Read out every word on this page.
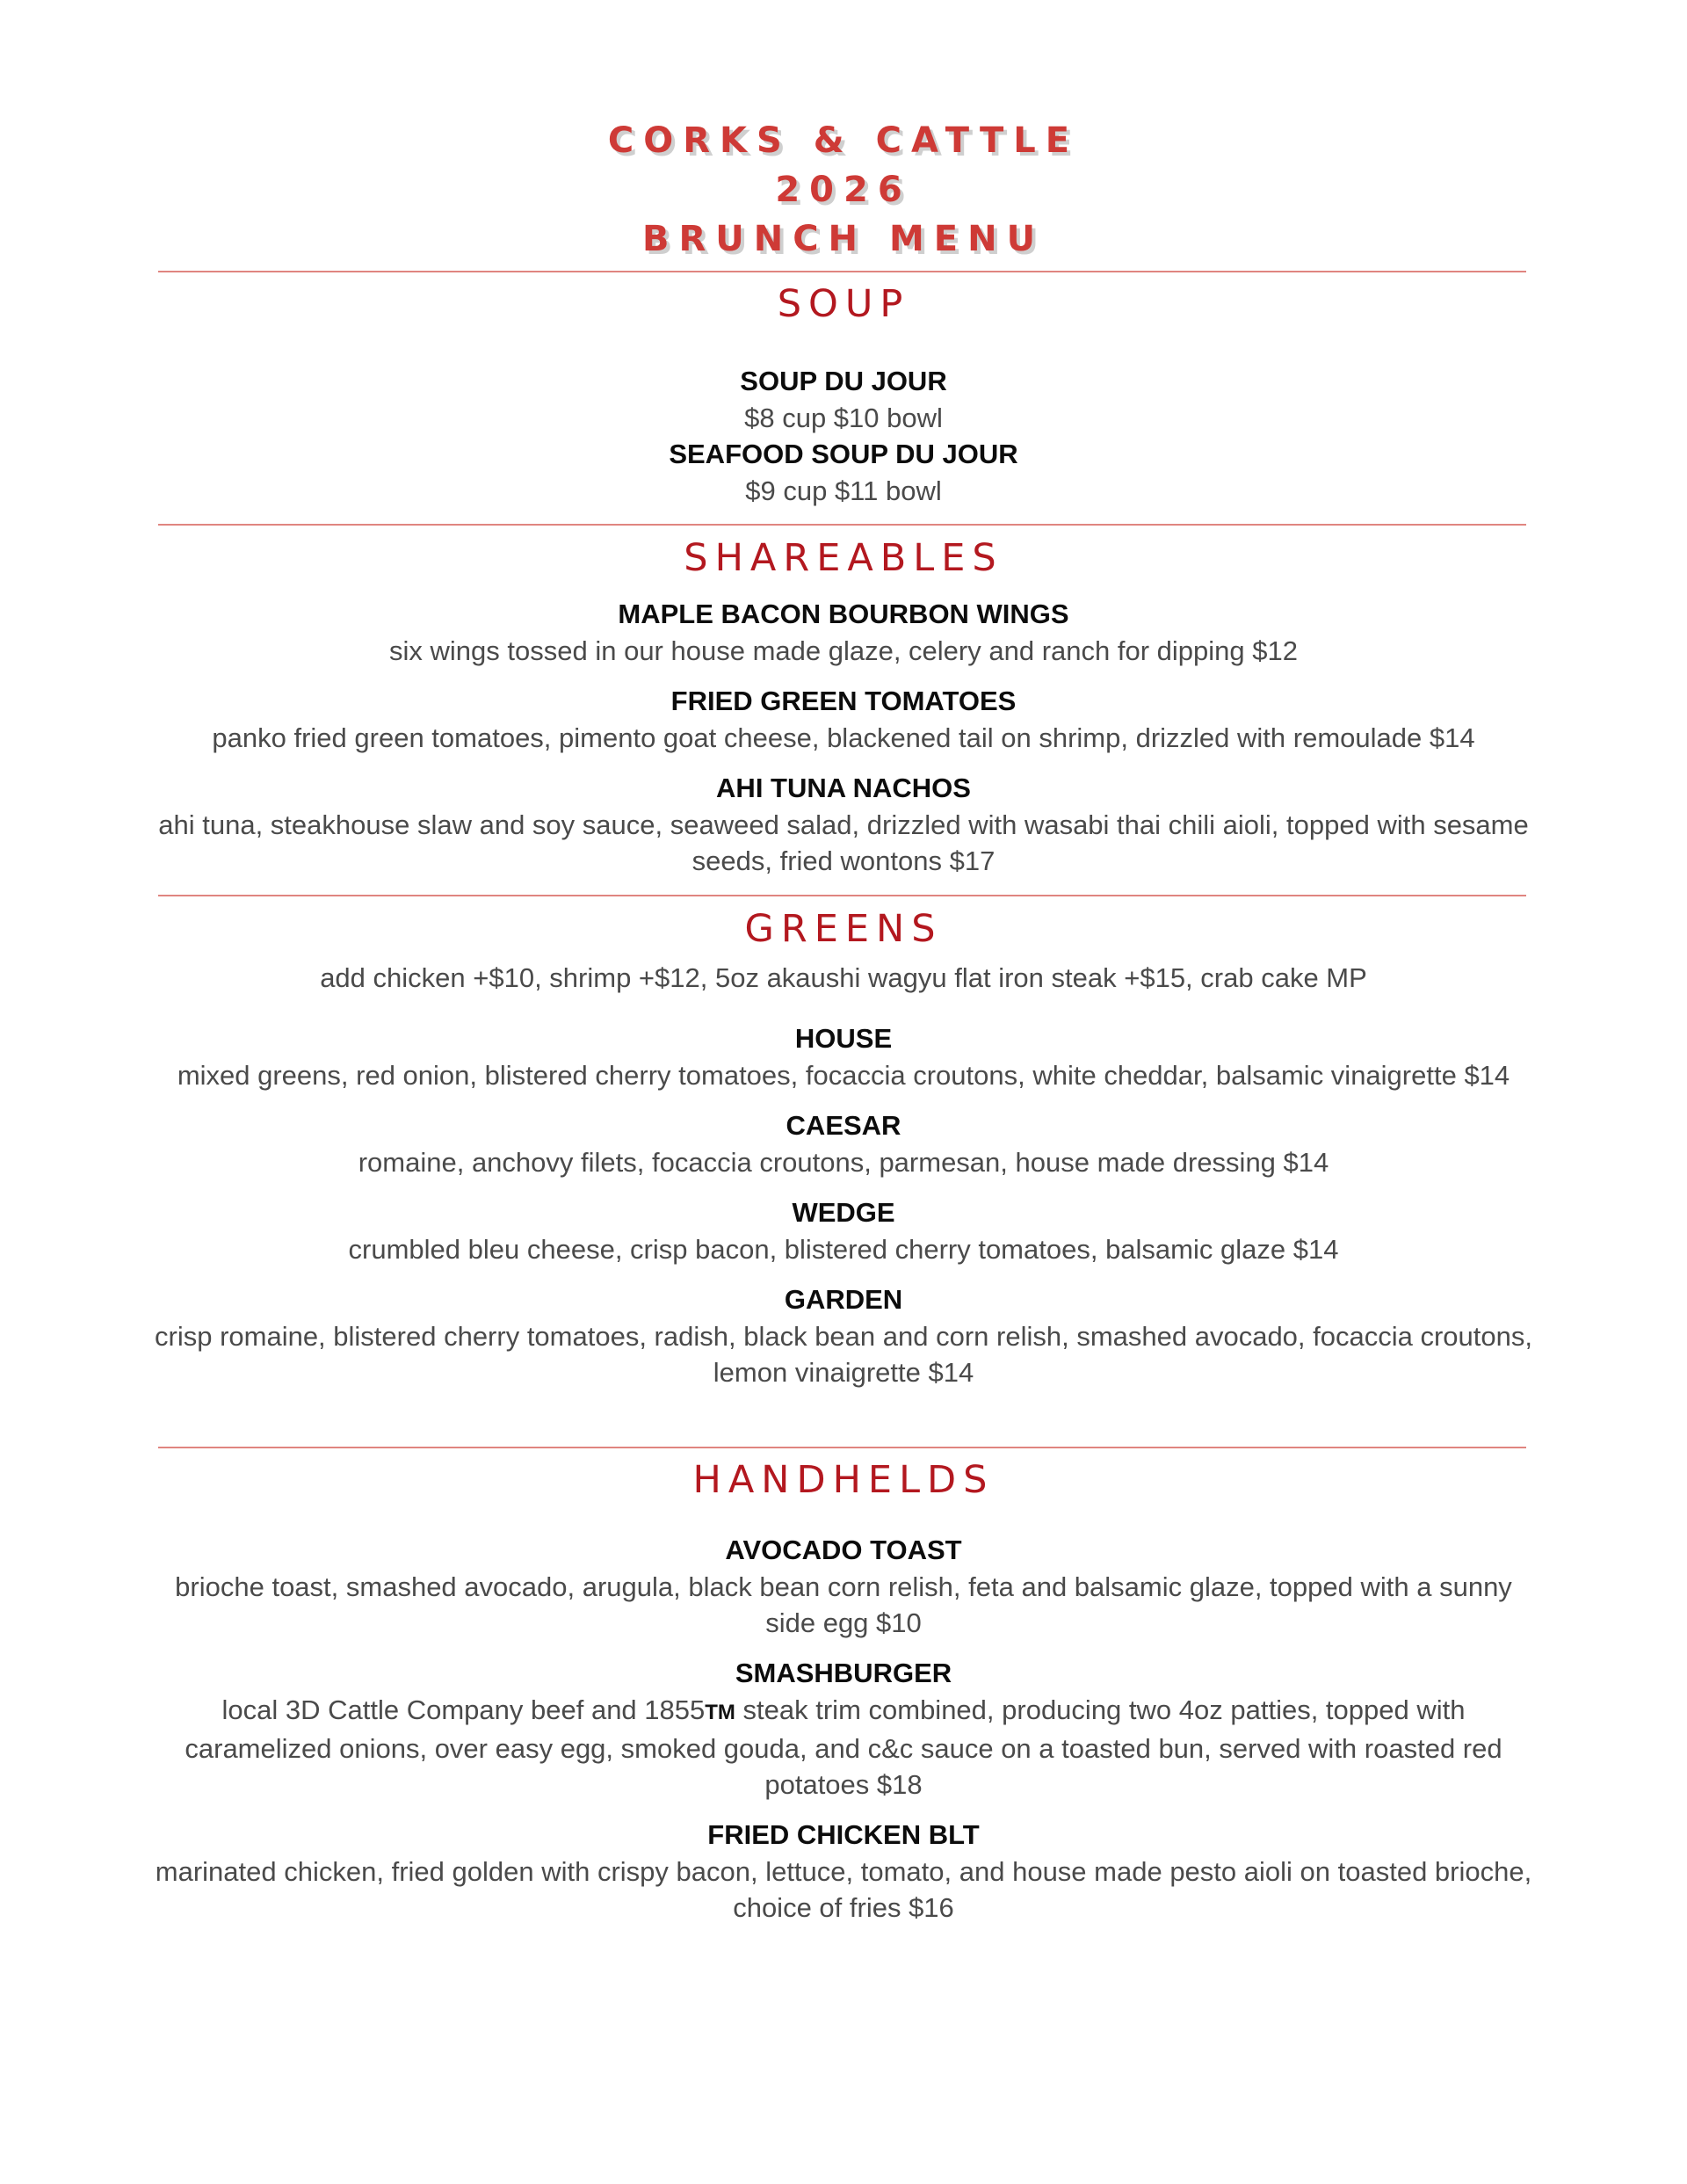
CORKS & CATTLE
2026
BRUNCH MENU
SOUP
SOUP DU JOUR
$8 cup $10 bowl
SEAFOOD SOUP DU JOUR
$9 cup $11 bowl
SHAREABLES
MAPLE BACON BOURBON WINGS
six wings tossed in our house made glaze, celery and ranch for dipping $12
FRIED GREEN TOMATOES
panko fried green tomatoes, pimento goat cheese, blackened tail on shrimp, drizzled with remoulade $14
AHI TUNA NACHOS
ahi tuna, steakhouse slaw and soy sauce, seaweed salad, drizzled with wasabi thai chili aioli, topped with sesame seeds, fried wontons $17
GREENS
add chicken +$10, shrimp +$12, 5oz akaushi wagyu flat iron steak +$15, crab cake MP
HOUSE
mixed greens, red onion, blistered cherry tomatoes, focaccia croutons, white cheddar, balsamic vinaigrette $14
CAESAR
romaine, anchovy filets, focaccia croutons, parmesan, house made dressing $14
WEDGE
crumbled bleu cheese, crisp bacon, blistered cherry tomatoes, balsamic glaze $14
GARDEN
crisp romaine, blistered cherry tomatoes, radish, black bean and corn relish, smashed avocado, focaccia croutons, lemon vinaigrette $14
HANDHELDS
AVOCADO TOAST
brioche toast, smashed avocado, arugula, black bean corn relish, feta and balsamic glaze, topped with a sunny side egg $10
SMASHBURGER
local 3D Cattle Company beef and 1855TM steak trim combined, producing two 4oz patties, topped with caramelized onions, over easy egg, smoked gouda, and c&c sauce on a toasted bun, served with roasted red potatoes $18
FRIED CHICKEN BLT
marinated chicken, fried golden with crispy bacon, lettuce, tomato, and house made pesto aioli on toasted brioche, choice of fries $16
